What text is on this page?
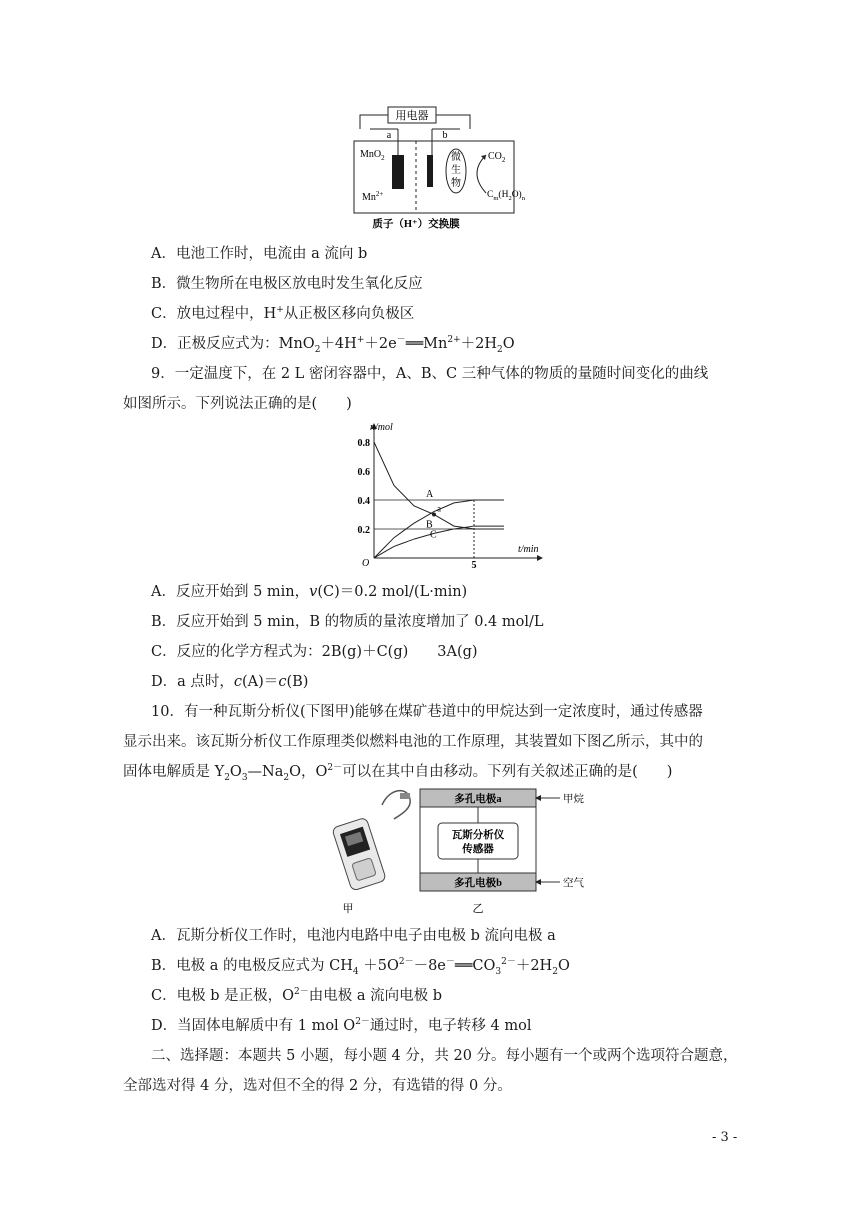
用电器
a	b
微
生
物
MnO$_2$
$Mn^{2+}$
$CO_2$
$C_m(H_2O)_n$
质子（H⁺）交换膜
A．电池工作时，电流由 a 流向 b
B．微生物所在电极区放电时发生氧化反应
C．放电过程中，H+从正极区移向负极区
D．正极反应式为：$MnO_2+4H^++2e^-══Mn^{2+}+2H_2O$
9．一定温度下，在 2 L 密闭容器中，A、B、C 三种气体的物质的量随时间变化的曲线
如图所示。下列说法正确的是(　　)
n/mol
t/min
O
0.8
0.6
0.4
0.2
5
A
B
C
a
A．反应开始到 5 min，v(C)＝0.2 mol/(L·min)
B．反应开始到 5 min，B 的物质的量浓度增加了 0.4 mol/L
C．反应的化学方程式为：2B(g)＋C(g)　　3A(g)
D．a 点时，c(A)＝c(B)
10．有一种瓦斯分析仪(下图甲)能够在煤矿巷道中的甲烷达到一定浓度时，通过传感器
显示出来。该瓦斯分析仪工作原理类似燃料电池的工作原理，其装置如下图乙所示，其中的
固体电解质是 $Y_2O_3—Na_2O$，$O^{2-}$可以在其中自由移动。下列有关叙述正确的是(　　)
甲
多孔电极a
多孔电极b
瓦斯分析仪
传感器
甲烷
空气
乙
A．瓦斯分析仪工作时，电池内电路中电子由电极 b 流向电极 a
B．电极 a 的电极反应式为 $CH_4$ $+5O^{2-}-8e^-══CO_3^{2-}+2H_2O$
C．电极 b 是正极，$O^{2-}$由电极 a 流向电极 b
D．当固体电解质中有 1 mol $O^{2-}$通过时，电子转移 4 mol
二、选择题：本题共 5 小题，每小题 4 分，共 20 分。每小题有一个或两个选项符合题意，
全部选对得 4 分，选对但不全的得 2 分，有选错的得 0 分。
- 3 -
